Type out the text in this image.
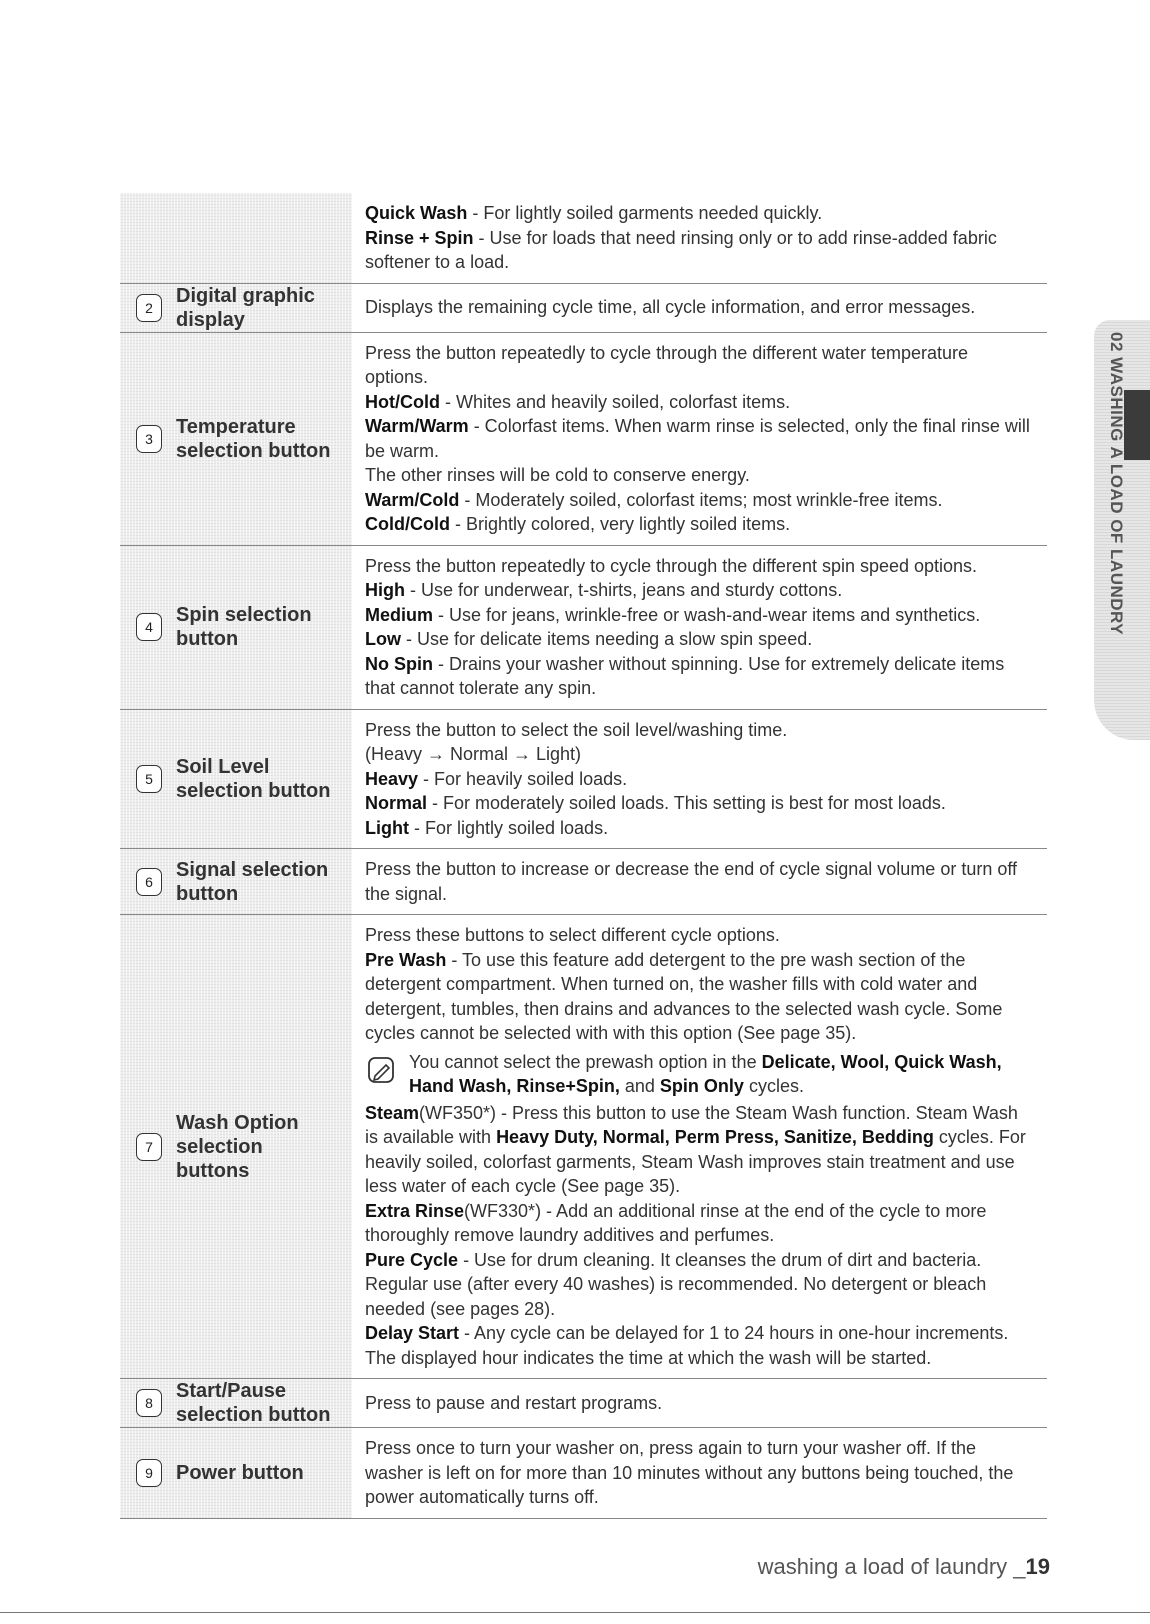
Quick Wash - For lightly soiled garments needed quickly.

Rinse + Spin - Use for loads that need rinsing only or to add rinse-added fabric softener to a load.

2
Digital graphic
display

Displays the remaining cycle time, all cycle information, and error messages.

3
Temperature
selection button

Press the button repeatedly to cycle through the different water temperature options.

Hot/Cold - Whites and heavily soiled, colorfast items.

Warm/Warm - Colorfast items. When warm rinse is selected, only the final rinse will be warm.

The other rinses will be cold to conserve energy.

Warm/Cold - Moderately soiled, colorfast items; most wrinkle-free items.

Cold/Cold - Brightly colored, very lightly soiled items.

4
Spin selection
button

Press the button repeatedly to cycle through the different spin speed options.

High - Use for underwear, t-shirts, jeans and sturdy cottons.

Medium - Use for jeans, wrinkle-free or wash-and-wear items and synthetics.

Low - Use for delicate items needing a slow spin speed.

No Spin - Drains your washer without spinning. Use for extremely delicate items that cannot tolerate any spin.

5
Soil Level
selection button

Press the button to select the soil level/washing time.

(Heavy → Normal → Light)

Heavy - For heavily soiled loads.

Normal - For moderately soiled loads. This setting is best for most loads.

Light - For lightly soiled loads.

6
Signal selection
button

Press the button to increase or decrease the end of cycle signal volume or turn off the signal.

7
Wash Option
selection
buttons

Press these buttons to select different cycle options.

Pre Wash - To use this feature add detergent to the pre wash section of the detergent compartment. When turned on, the washer fills with cold water and detergent, tumbles, then drains and advances to the selected wash cycle. Some cycles cannot be selected with with this option (See page 35).

You cannot select the prewash option in the Delicate, Wool, Quick Wash, Hand Wash, Rinse+Spin, and Spin Only cycles.

Steam(WF350*) - Press this button to use the Steam Wash function. Steam Wash is available with Heavy Duty, Normal, Perm Press, Sanitize, Bedding cycles. For heavily soiled, colorfast garments, Steam Wash improves stain treatment and use less water of each cycle (See page 35).

Extra Rinse(WF330*) - Add an additional rinse at the end of the cycle to more thoroughly remove laundry additives and perfumes.

Pure Cycle - Use for drum cleaning. It cleanses the drum of dirt and bacteria. Regular use (after every 40 washes) is recommended. No detergent or bleach needed (see pages 28).

Delay Start - Any cycle can be delayed for 1 to 24 hours in one-hour increments. The displayed hour indicates the time at which the wash will be started.

8
Start/Pause
selection button

Press to pause and restart programs.

9	Power button

Press once to turn your washer on, press again to turn your washer off. If the washer is left on for more than 10 minutes without any buttons being touched, the power automatically turns off.

02 WASHING A LOAD OF LAUNDRY
washing a load of laundry _19
